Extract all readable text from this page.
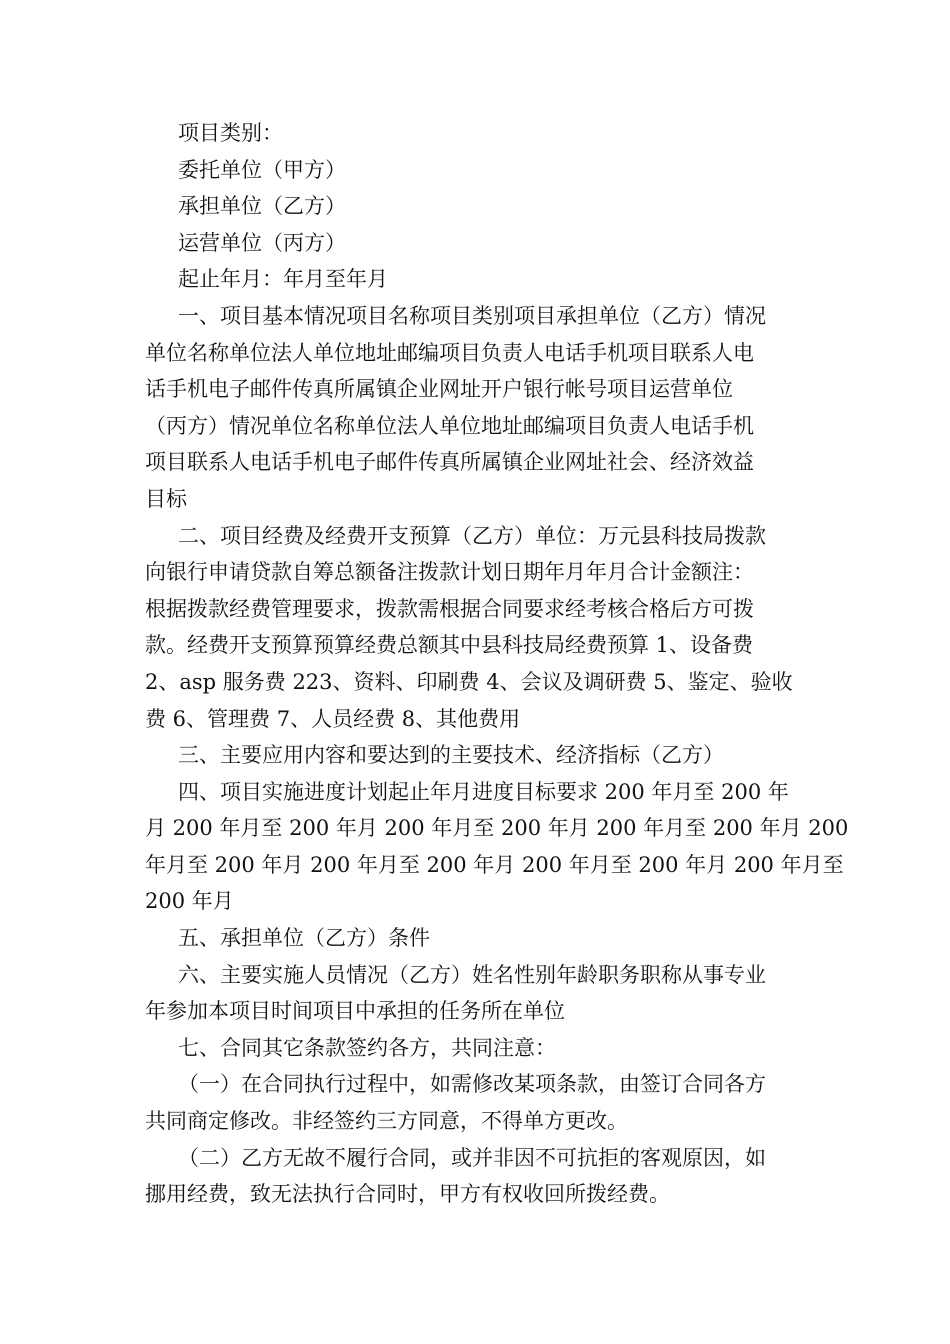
项目类别：

委托单位（甲方）

承担单位（乙方）

运营单位（丙方）

起止年月：年月至年月

一、项目基本情况项目名称项目类别项目承担单位（乙方）情况
单位名称单位法人单位地址邮编项目负责人电话手机项目联系人电
话手机电子邮件传真所属镇企业网址开户银行帐号项目运营单位
（丙方）情况单位名称单位法人单位地址邮编项目负责人电话手机
项目联系人电话手机电子邮件传真所属镇企业网址社会、经济效益
目标

二、项目经费及经费开支预算（乙方）单位：万元县科技局拨款
向银行申请贷款自筹总额备注拨款计划日期年月年月合计金额注：
根据拨款经费管理要求，拨款需根据合同要求经考核合格后方可拨
款。经费开支预算预算经费总额其中县科技局经费预算 1、设备费
2、asp 服务费 223、资料、印刷费 4、会议及调研费 5、鉴定、验收
费 6、管理费 7、人员经费 8、其他费用

三、主要应用内容和要达到的主要技术、经济指标（乙方）

四、项目实施进度计划起止年月进度目标要求 200 年月至 200 年
月 200 年月至 200 年月 200 年月至 200 年月 200 年月至 200 年月 200
年月至 200 年月 200 年月至 200 年月 200 年月至 200 年月 200 年月至
200 年月

五、承担单位（乙方）条件

六、主要实施人员情况（乙方）姓名性别年龄职务职称从事专业
年参加本项目时间项目中承担的任务所在单位

七、合同其它条款签约各方，共同注意：

（一）在合同执行过程中，如需修改某项条款，由签订合同各方
共同商定修改。非经签约三方同意，不得单方更改。

（二）乙方无故不履行合同，或并非因不可抗拒的客观原因，如
挪用经费，致无法执行合同时，甲方有权收回所拨经费。
